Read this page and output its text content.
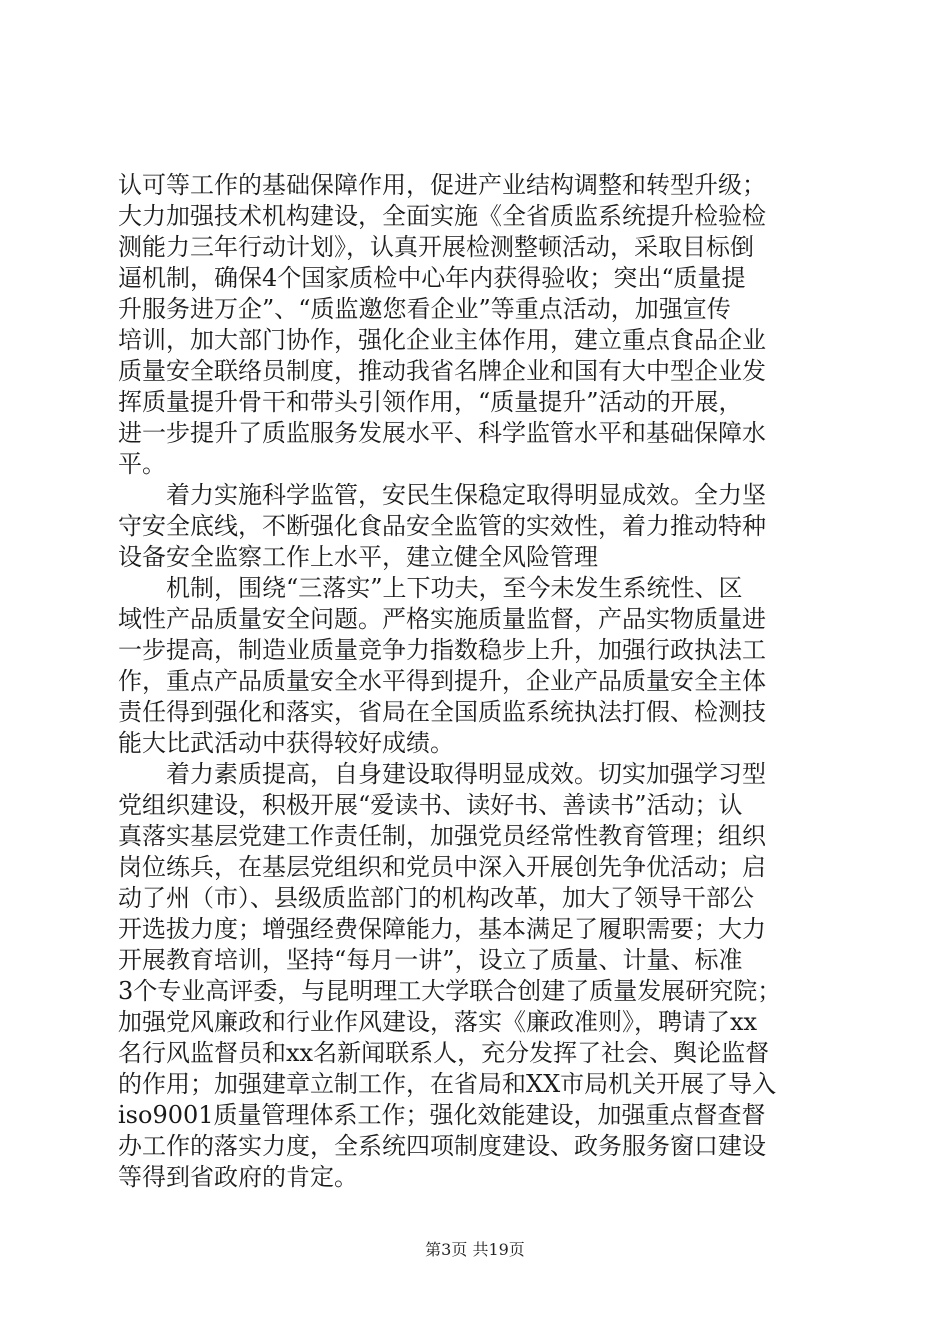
认可等工作的基础保障作用，促进产业结构调整和转型升级；
大力加强技术机构建设，全面实施《全省质监系统提升检验检
测能力三年行动计划》，认真开展检测整顿活动，采取目标倒
逼机制，确保4个国家质检中心年内获得验收；突出“质量提
升服务进万企”、“质监邀您看企业”等重点活动，加强宣传
培训，加大部门协作，强化企业主体作用，建立重点食品企业
质量安全联络员制度，推动我省名牌企业和国有大中型企业发
挥质量提升骨干和带头引领作用，“质量提升”活动的开展，
进一步提升了质监服务发展水平、科学监管水平和基础保障水
平。
着力实施科学监管，安民生保稳定取得明显成效。全力坚
守安全底线，不断强化食品安全监管的实效性，着力推动特种
设备安全监察工作上水平，建立健全风险管理
机制，围绕“三落实”上下功夫，至今未发生系统性、区
域性产品质量安全问题。严格实施质量监督，产品实物质量进
一步提高，制造业质量竞争力指数稳步上升，加强行政执法工
作，重点产品质量安全水平得到提升，企业产品质量安全主体
责任得到强化和落实，省局在全国质监系统执法打假、检测技
能大比武活动中获得较好成绩。
着力素质提高，自身建设取得明显成效。切实加强学习型
党组织建设，积极开展“爱读书、读好书、善读书”活动；认
真落实基层党建工作责任制，加强党员经常性教育管理；组织
岗位练兵，在基层党组织和党员中深入开展创先争优活动；启
动了州（市）、县级质监部门的机构改革，加大了领导干部公
开选拔力度；增强经费保障能力，基本满足了履职需要；大力
开展教育培训，坚持“每月一讲”，设立了质量、计量、标准
3个专业高评委，与昆明理工大学联合创建了质量发展研究院；
加强党风廉政和行业作风建设，落实《廉政准则》，聘请了xx
名行风监督员和xx名新闻联系人，充分发挥了社会、舆论监督
的作用；加强建章立制工作，在省局和XX市局机关开展了导入
iso9001质量管理体系工作；强化效能建设，加强重点督查督
办工作的落实力度，全系统四项制度建设、政务服务窗口建设
等得到省政府的肯定。
第3页 共19页
